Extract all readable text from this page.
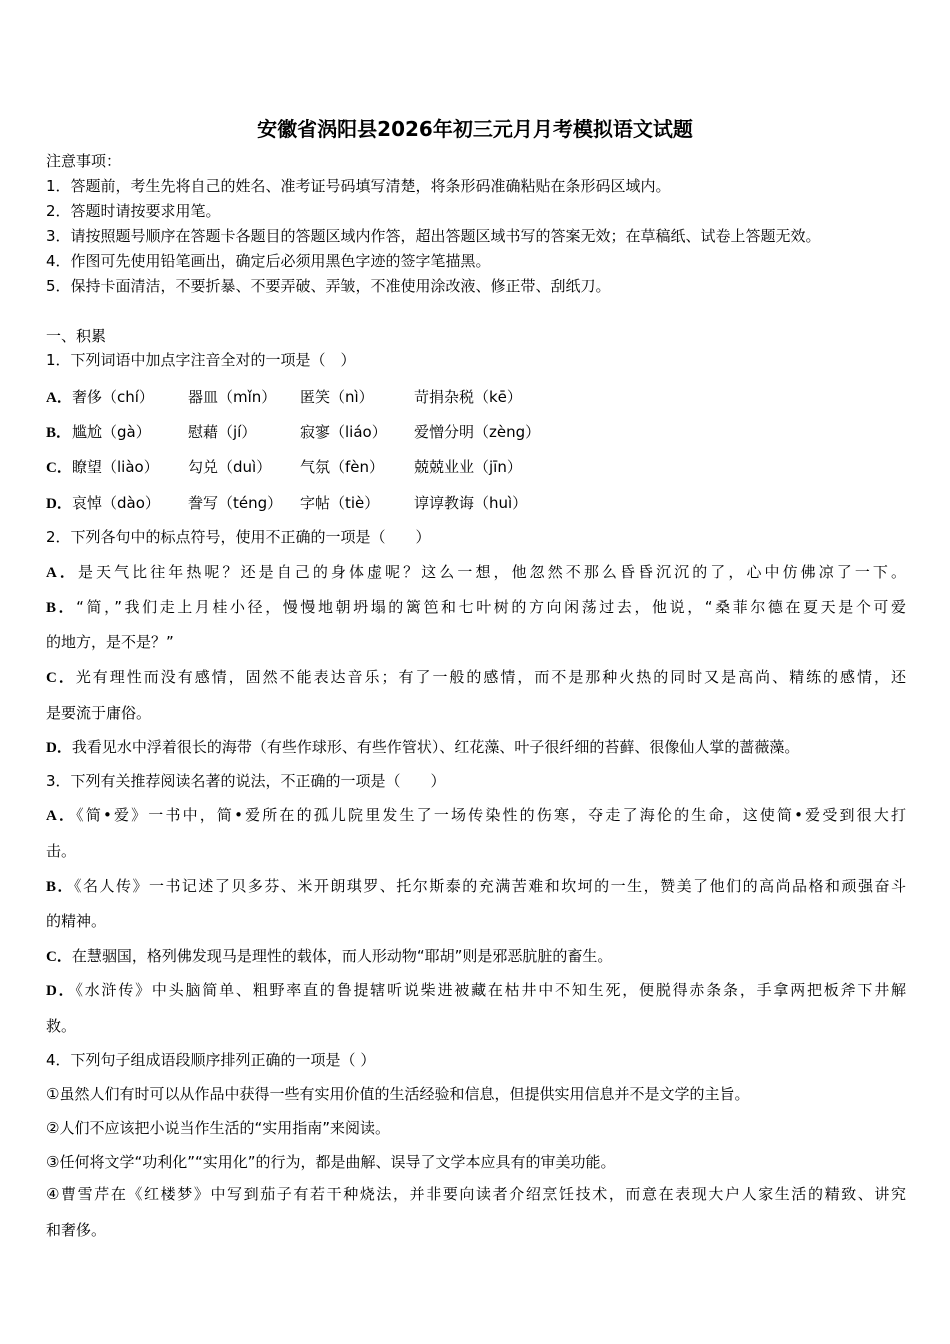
安徽省涡阳县2026年初三元月月考模拟语文试题
注意事项：
1．答题前，考生先将自己的姓名、准考证号码填写清楚，将条形码准确粘贴在条形码区域内。
2．答题时请按要求用笔。
3．请按照题号顺序在答题卡各题目的答题区域内作答，超出答题区域书写的答案无效；在草稿纸、试卷上答题无效。
4．作图可先使用铅笔画出，确定后必须用黑色字迹的签字笔描黑。
5．保持卡面清洁，不要折暴、不要弄破、弄皱，不准使用涂改液、修正带、刮纸刀。
一、积累
1．下列词语中加点字注音全对的一项是（　）
A． 奢侈（chí） 器皿（mǐn） 匿笑（nì）	苛捐杂税（kē）
B． 尴尬（gà） 慰藉（jí）	寂寥（liáo） 爱憎分明（zèng）
C． 瞭望（liào） 勾兑（duì） 气氛（fèn） 兢兢业业（jīn）
D． 哀悼（dào） 誊写（téng） 字帖（tiè） 谆谆教诲（huì）
2．下列各句中的标点符号，使用不正确的一项是（　　）
A．是天气比往年热呢？还是自己的身体虚呢？这么一想，他忽然不那么昏昏沉沉的了，心中仿佛凉了一下。
B．“简，”我们走上月桂小径，慢慢地朝坍塌的篱笆和七叶树的方向闲荡过去，他说，“桑菲尔德在夏天是个可爱
的地方，是不是？”
C．光有理性而没有感情，固然不能表达音乐；有了一般的感情，而不是那种火热的同时又是高尚、精练的感情，还
是要流于庸俗。
D．我看见水中浮着很长的海带（有些作球形、有些作管状）、红花藻、叶子很纤细的苔藓、很像仙人掌的蔷薇藻。
3．下列有关推荐阅读名著的说法，不正确的一项是（　　）
A．《简•爱》一书中，简•爱所在的孤儿院里发生了一场传染性的伤寒，夺走了海伦的生命，这使简•爱受到很大打
击。
B．《名人传》一书记述了贝多芬、米开朗琪罗、托尔斯泰的充满苦难和坎坷的一生，赞美了他们的高尚品格和顽强奋斗
的精神。
C．在慧骃国，格列佛发现马是理性的载体，而人形动物“耶胡”则是邪恶肮脏的畜生。
D．《水浒传》中头脑简单、粗野率直的鲁提辖听说柴进被藏在枯井中不知生死，便脱得赤条条，手拿两把板斧下井解
救。
4．下列句子组成语段顺序排列正确的一项是（ ）
①虽然人们有时可以从作品中获得一些有实用价值的生活经验和信息，但提供实用信息并不是文学的主旨。
②人们不应该把小说当作生活的“实用指南”来阅读。
③任何将文学“功利化”“实用化”的行为，都是曲解、误导了文学本应具有的审美功能。
④曹雪芹在《红楼梦》中写到茄子有若干种烧法，并非要向读者介绍烹饪技术，而意在表现大户人家生活的精致、讲究
和奢侈。
